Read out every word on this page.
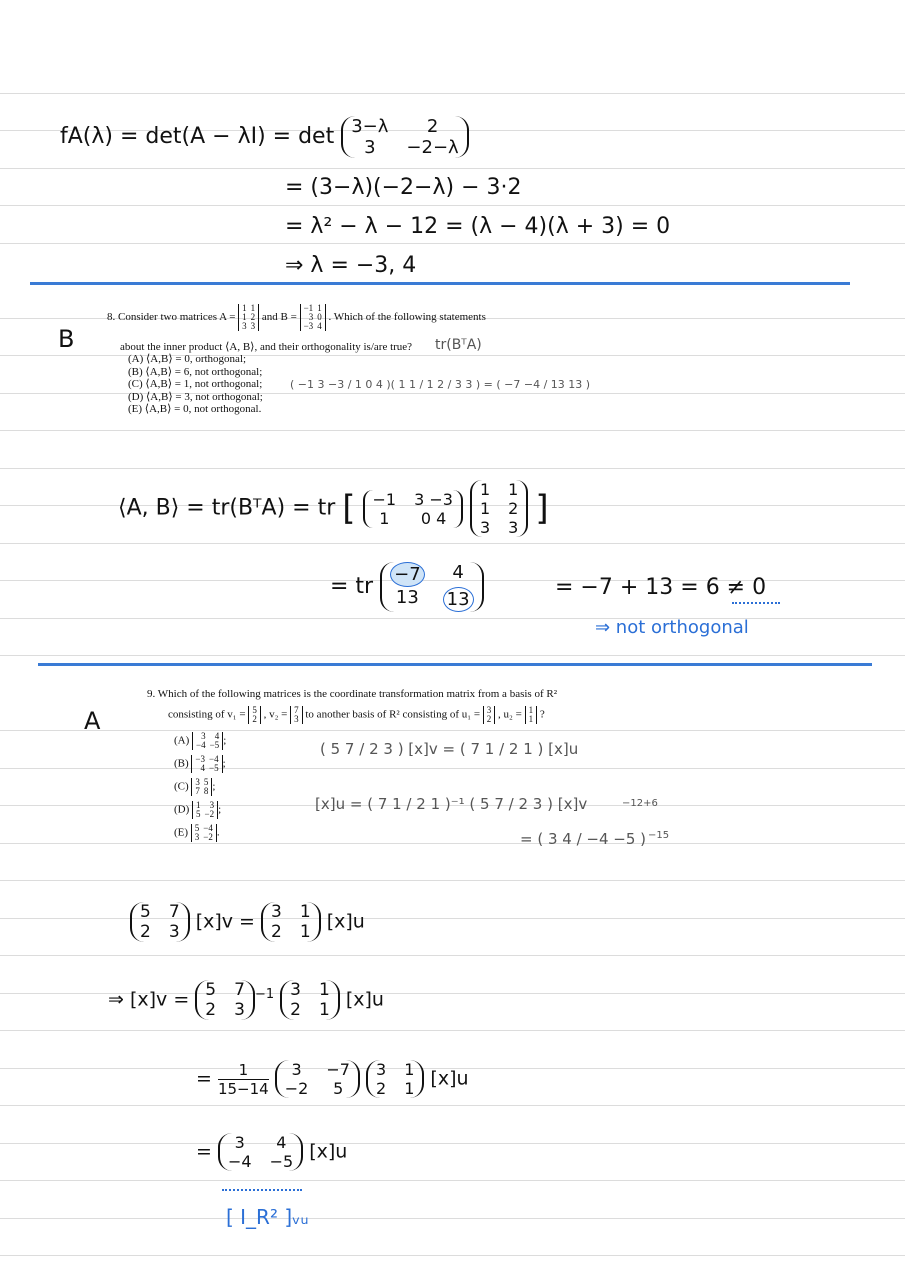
fA(λ) = det(A − λI) = det 3−λ	2
3	−2−λ
= (3−λ)(−2−λ) − 3·2
= λ² − λ − 12 = (λ − 4)(λ + 3) = 0
⇒ λ = −3, 4
B
8. Consider two matrices A =
1 1
1 2
3 3
and B =
−1 1
3 0
−3 4
. Which of the following statements
about the inner product ⟨A, B⟩, and their orthogonality is/are true?
(A) ⟨A,B⟩ = 0, orthogonal;
(B) ⟨A,B⟩ = 6, not orthogonal;
(C) ⟨A,B⟩ = 1, not orthogonal;
(D) ⟨A,B⟩ = 3, not orthogonal;
(E) ⟨A,B⟩ = 0, not orthogonal.
tr(BᵀA)
( −1 3 −3 / 1 0 4 )( 1 1 / 1 2 / 3 3 ) = ( −7 −4 / 13 13 )
⟨A, B⟩ = tr(BᵀA) = tr [ −1 3 −3
1	0 4

1 1
1 2
3 3 ]
= tr −7	4
13	13	= −7 + 13 = 6 ≠ 0
⇒ not orthogonal
A
9. Which of the following matrices is the coordinate transformation matrix from a basis of R²
consisting of v₁ = 5
2 , v₂ = 7
3 to another basis of R² consisting of u₁ = 3
2 , u₂ = 1
1 ?
(A)	3	4
−4 −5 ;
(B) −3 −4
4 −5 ;
(C) 3 5
7 8 ;
(D) 1	3
5 −2 ;
(E) 5 −4
3 −2 .
( 5 7 / 2 3 ) [x]v = ( 7 1 / 2 1 ) [x]u
[x]u = ( 7 1 / 2 1 )⁻¹ ( 5 7 / 2 3 ) [x]v
= ( 3 4 / −4 −5 )
−12+6
−15
5 7
2 3 [x]v = 3 1
2 1 [x]u
⇒ [x]v = 5 7
2 3
$^{-1}$ 3 1
2 1 [x]u
= $\frac{1}{15-14}$
	3	−7
−2	5

3 1
2 1 [x]u
=	3	4
−4 −5 [x]u
[ I_R² ]ᵥᵤ
